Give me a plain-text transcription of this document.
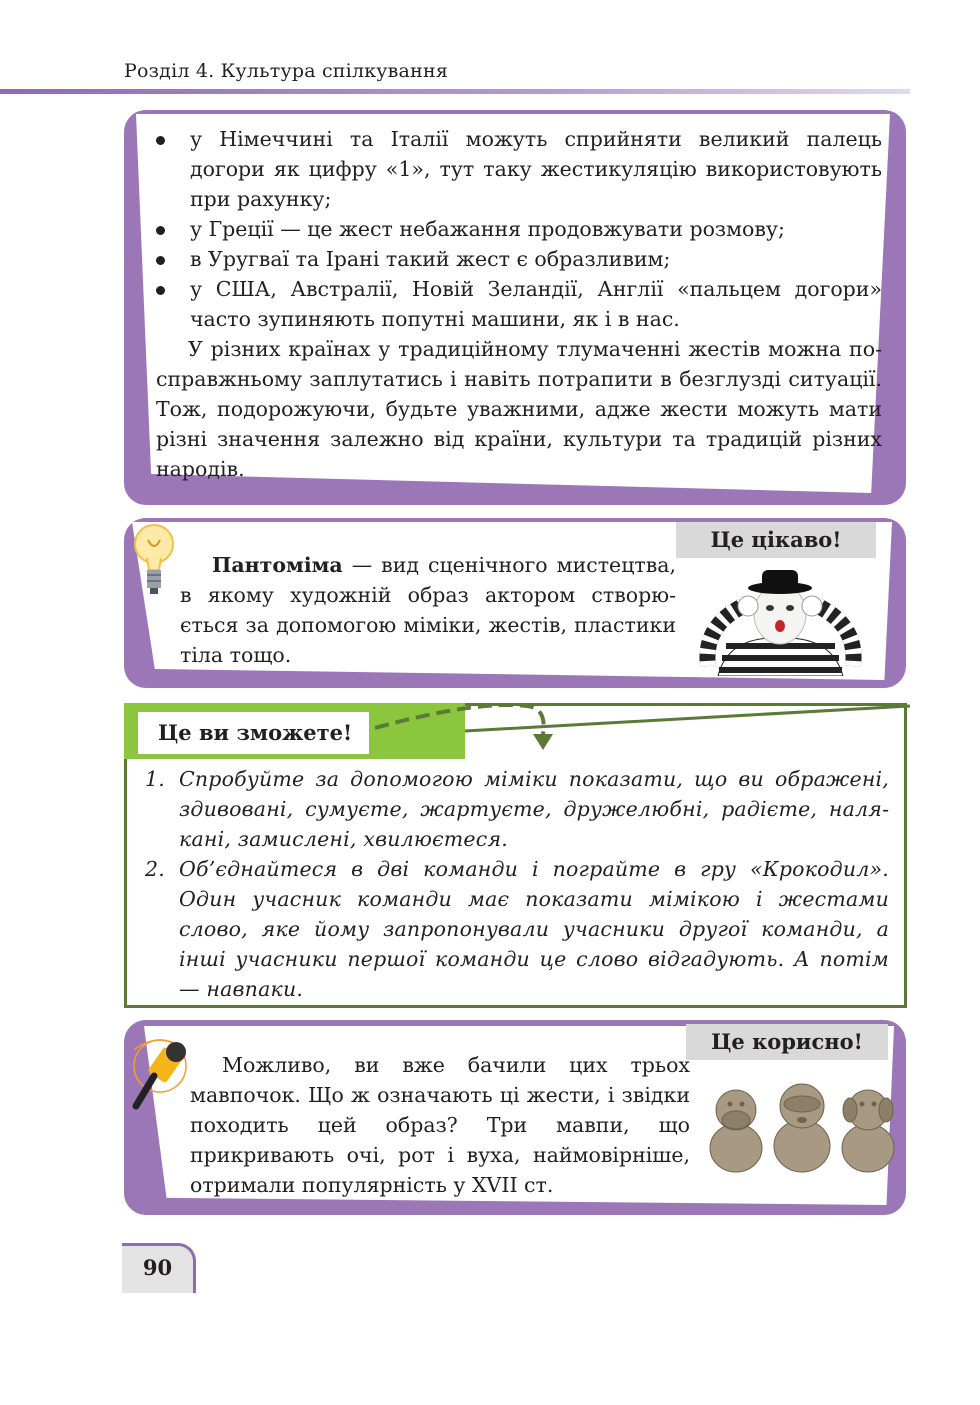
Розділ 4. Культура спілкування
у Німеччині та Італії можуть сприйняти великий палець догори як цифру «1», тут таку жестикуляцію використовують при рахунку;
у Греції — це жест небажання продовжувати розмову;
в Уругваї та Ірані такий жест є образливим;
у США, Австралії, Новій Зеландії, Англії «пальцем догори» часто зупиняють попутні машини, як і в нас.

У різних країнах у традиційному тлумаченні жестів можна по-справжньому заплутатись і навіть потрапити в безглузді ситуації. Тож, подорожуючи, будьте уважними, адже жести можуть мати різні значення залежно від країни, культури та традицій різних народів.

Це цікаво!

Пантоміма — вид сценічного мистецтва, в якому художній образ актором створюється за допомогою міміки, жестів, пластики тіла тощо.

Це ви зможете!
1. Спробуйте за допомогою міміки показати, що ви ображені, здивовані, сумуєте, жартуєте, дружелюбні, радієте, налякані, замислені, хвилюєтеся.
2. Об’єднайтеся в дві команди і пограйте в гру «Крокодил». Один учасник команди має показати мімікою і жестами слово, яке йому запропонували учасники другої команди, а інші учасники першої команди це слово відгадують. А потім — навпаки.
Це корисно!

Можливо, ви вже бачили цих трьох мавпочок. Що ж означають ці жести, і звідки походить цей образ? Три мавпи, що прикривають очі, рот і вуха, наймовірніше, отримали популярність у XVII ст.

90
